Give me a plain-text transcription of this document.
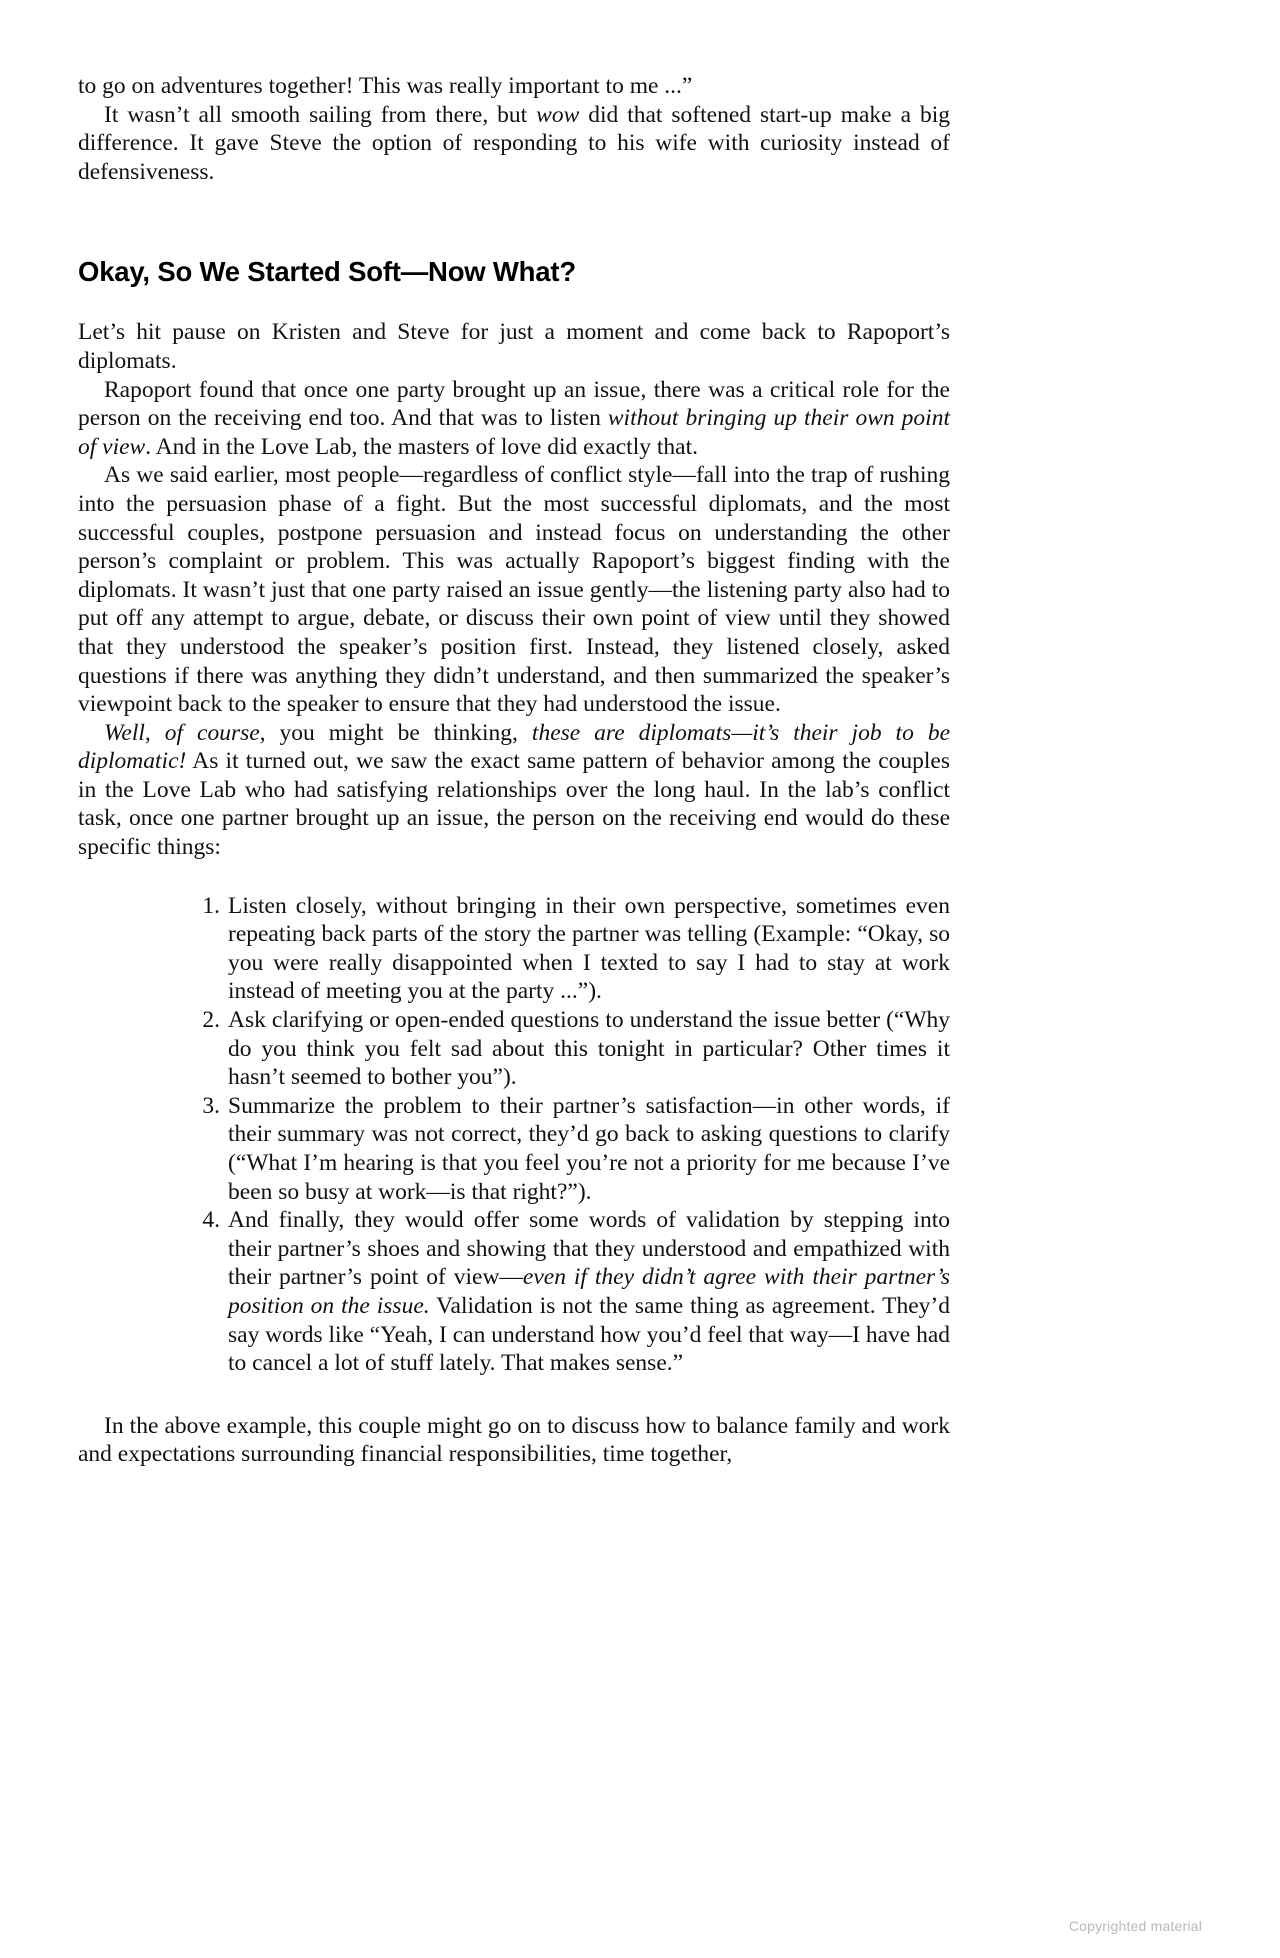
to go on adventures together! This was really important to me ...”

It wasn’t all smooth sailing from there, but wow did that softened start-up make a big difference. It gave Steve the option of responding to his wife with curiosity instead of defensiveness.

Okay, So We Started Soft—Now What?

Let’s hit pause on Kristen and Steve for just a moment and come back to Rapoport’s diplomats.

Rapoport found that once one party brought up an issue, there was a critical role for the person on the receiving end too. And that was to listen without bringing up their own point of view. And in the Love Lab, the masters of love did exactly that.

As we said earlier, most people—regardless of conflict style—fall into the trap of rushing into the persuasion phase of a fight. But the most successful diplomats, and the most successful couples, postpone persuasion and instead focus on understanding the other person’s complaint or problem. This was actually Rapoport’s biggest finding with the diplomats. It wasn’t just that one party raised an issue gently—the listening party also had to put off any attempt to argue, debate, or discuss their own point of view until they showed that they understood the speaker’s position first. Instead, they listened closely, asked questions if there was anything they didn’t understand, and then summarized the speaker’s viewpoint back to the speaker to ensure that they had understood the issue.

Well, of course, you might be thinking, these are diplomats—it’s their job to be diplomatic! As it turned out, we saw the exact same pattern of behavior among the couples in the Love Lab who had satisfying relationships over the long haul. In the lab’s conflict task, once one partner brought up an issue, the person on the receiving end would do these specific things:

Listen closely, without bringing in their own perspective, sometimes even repeating back parts of the story the partner was telling (Example: “Okay, so you were really disappointed when I texted to say I had to stay at work instead of meeting you at the party ...”).
Ask clarifying or open-ended questions to understand the issue better (“Why do you think you felt sad about this tonight in particular? Other times it hasn’t seemed to bother you”).
Summarize the problem to their partner’s satisfaction—in other words, if their summary was not correct, they’d go back to asking questions to clarify (“What I’m hearing is that you feel you’re not a priority for me because I’ve been so busy at work—is that right?”).
And finally, they would offer some words of validation by stepping into their partner’s shoes and showing that they understood and empathized with their partner’s point of view—even if they didn’t agree with their partner’s position on the issue. Validation is not the same thing as agreement. They’d say words like “Yeah, I can understand how you’d feel that way—I have had to cancel a lot of stuff lately. That makes sense.”

In the above example, this couple might go on to discuss how to balance family and work and expectations surrounding financial responsibilities, time together,

Copyrighted material
